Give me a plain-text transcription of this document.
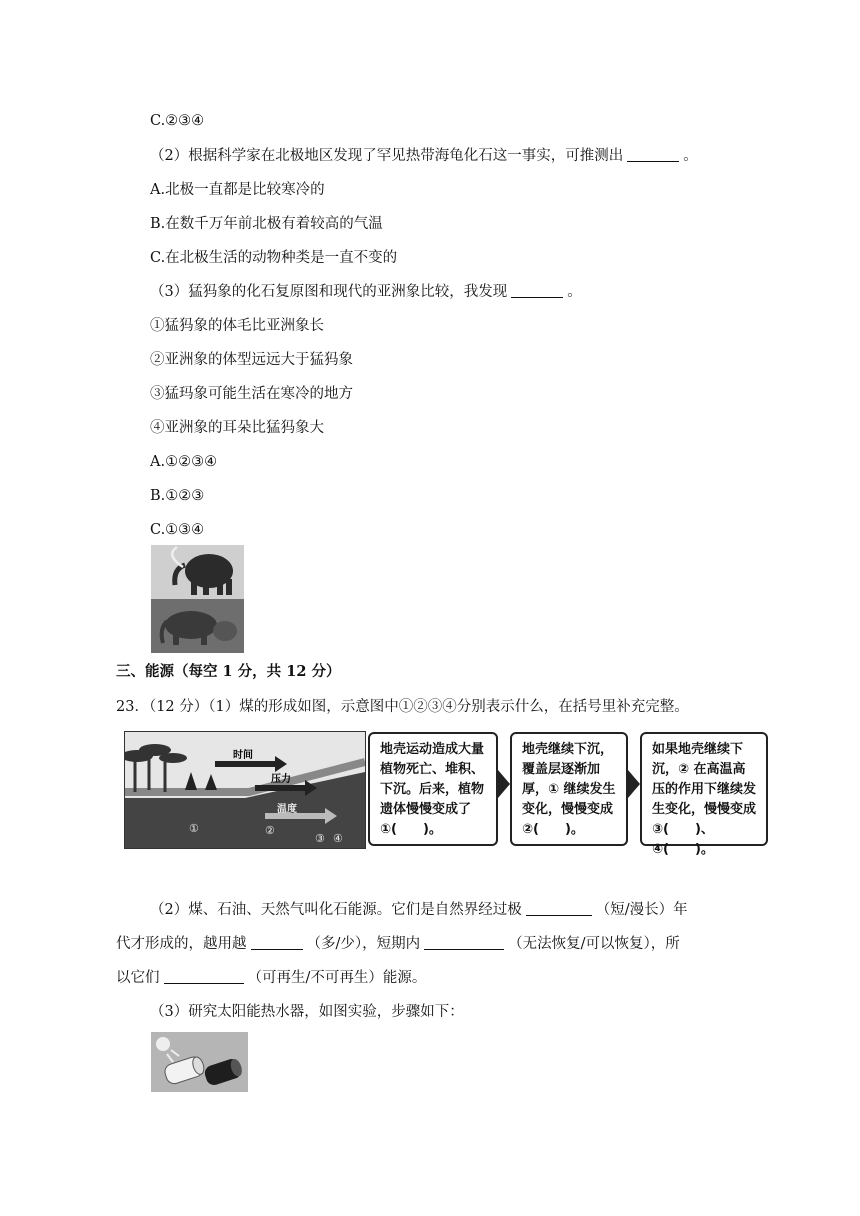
C.②③④
（2）根据科学家在北极地区发现了罕见热带海龟化石这一事实，可推测出	。
A.北极一直都是比较寒冷的
B.在数千万年前北极有着较高的气温
C.在北极生活的动物种类是一直不变的
（3）猛犸象的化石复原图和现代的亚洲象比较，我发现	。
①猛犸象的体毛比亚洲象长
②亚洲象的体型远远大于猛犸象
③猛玛象可能生活在寒冷的地方
④亚洲象的耳朵比猛犸象大
A.①②③④
B.①②③
C.①③④
三、能源（每空 1 分，共 12 分）
23．（12 分）（1）煤的形成如图，示意图中①②③④分别表示什么，在括号里补充完整。
时间
压力
温度
①	②
③ ④
地壳运动造成大量植物死亡、堆积、下沉。后来，植物遗体慢慢变成了①(　　)。
地壳继续下沉，覆盖层逐渐加厚，① 继续发生变化，慢慢变成②(　　)。
如果地壳继续下沉，② 在高温高压的作用下继续发生变化，慢慢变成③(　　)、④(　　)。
（2）煤、石油、天然气叫化石能源。它们是自然界经过极	（短/漫长）年
代才形成的，越用越	（多/少），短期内	（无法恢复/可以恢复），所
以它们	（可再生/不可再生）能源。
（3）研究太阳能热水器，如图实验，步骤如下：
